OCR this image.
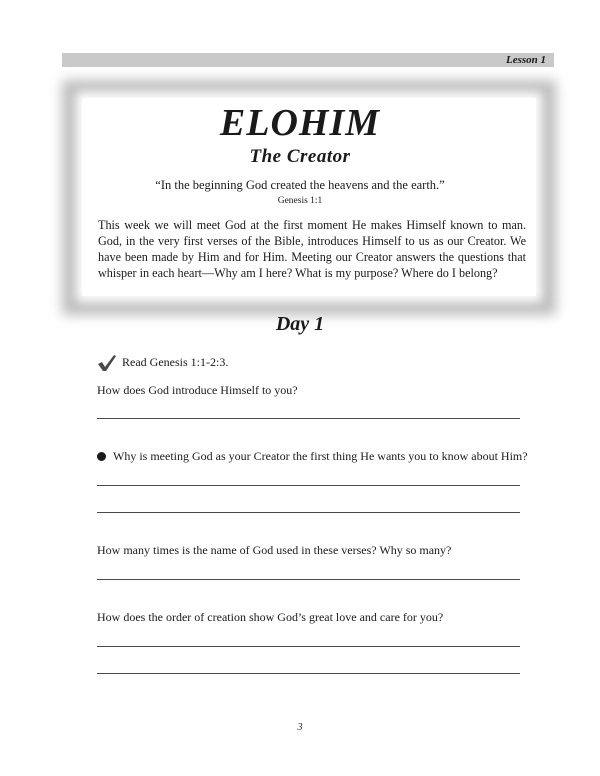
Lesson 1
ELOHIM
The Creator
“In the beginning God created the heavens and the earth.”
Genesis 1:1
This week we will meet God at the first moment He makes Himself known to man. God, in the very first verses of the Bible, introduces Himself to us as our Creator. We have been made by Him and for Him. Meeting our Creator answers the questions that whisper in each heart—Why am I here? What is my purpose? Where do I belong?
Day 1
Read Genesis 1:1-2:3.
How does God introduce Himself to you?
Why is meeting God as your Creator the first thing He wants you to know about Him?
How many times is the name of God used in these verses? Why so many?
How does the order of creation show God’s great love and care for you?
3
